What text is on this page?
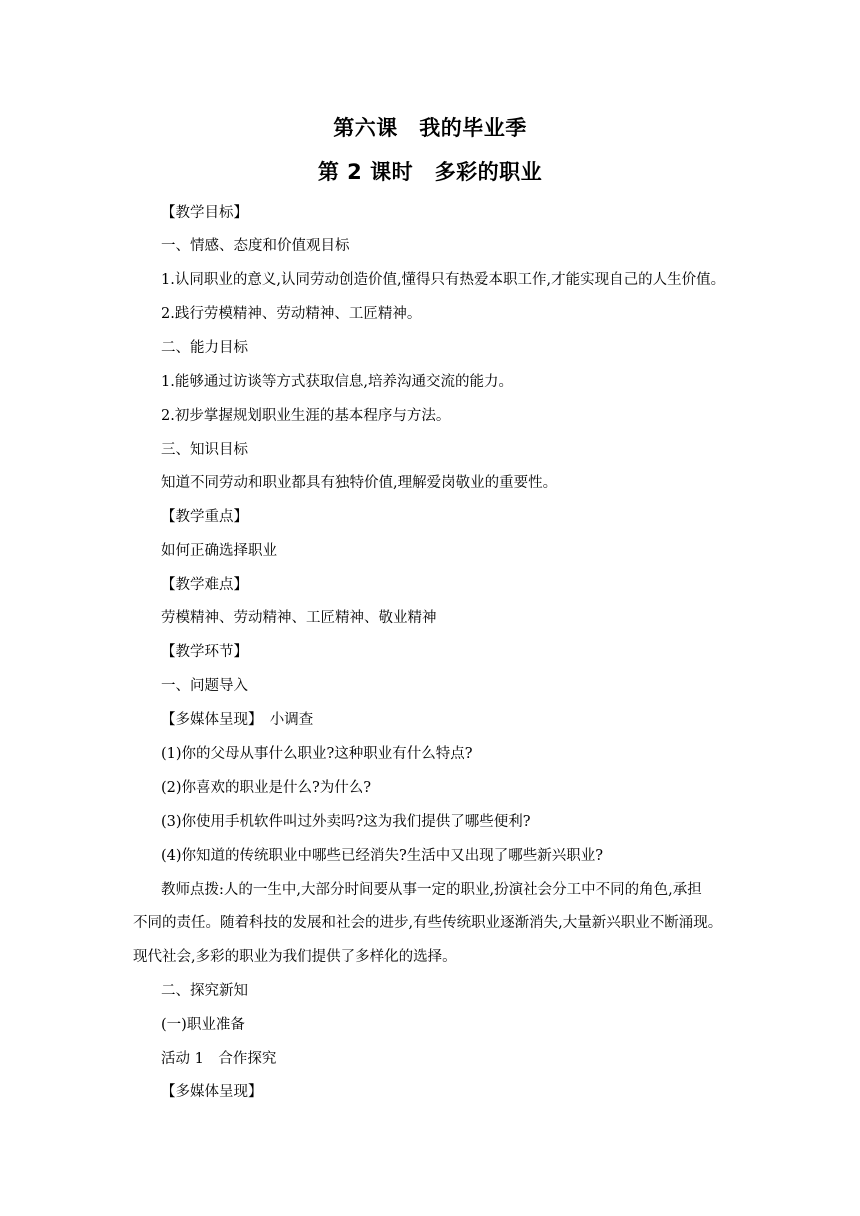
第六课　我的毕业季
第 2 课时　多彩的职业
【教学目标】
一、情感、态度和价值观目标
1.认同职业的意义,认同劳动创造价值,懂得只有热爱本职工作,才能实现自己的人生价值。
2.践行劳模精神、劳动精神、工匠精神。
二、能力目标
1.能够通过访谈等方式获取信息,培养沟通交流的能力。
2.初步掌握规划职业生涯的基本程序与方法。
三、知识目标
知道不同劳动和职业都具有独特价值,理解爱岗敬业的重要性。
【教学重点】
如何正确选择职业
【教学难点】
劳模精神、劳动精神、工匠精神、敬业精神
【教学环节】
一、问题导入
【多媒体呈现】　小调查
(1)你的父母从事什么职业?这种职业有什么特点?
(2)你喜欢的职业是什么?为什么?
(3)你使用手机软件叫过外卖吗?这为我们提供了哪些便利?
(4)你知道的传统职业中哪些已经消失?生活中又出现了哪些新兴职业?
教师点拨:人的一生中,大部分时间要从事一定的职业,扮演社会分工中不同的角色,承担
不同的责任。随着科技的发展和社会的进步,有些传统职业逐渐消失,大量新兴职业不断涌现。
现代社会,多彩的职业为我们提供了多样化的选择。
二、探究新知
(一)职业准备
活动 1　合作探究
【多媒体呈现】
